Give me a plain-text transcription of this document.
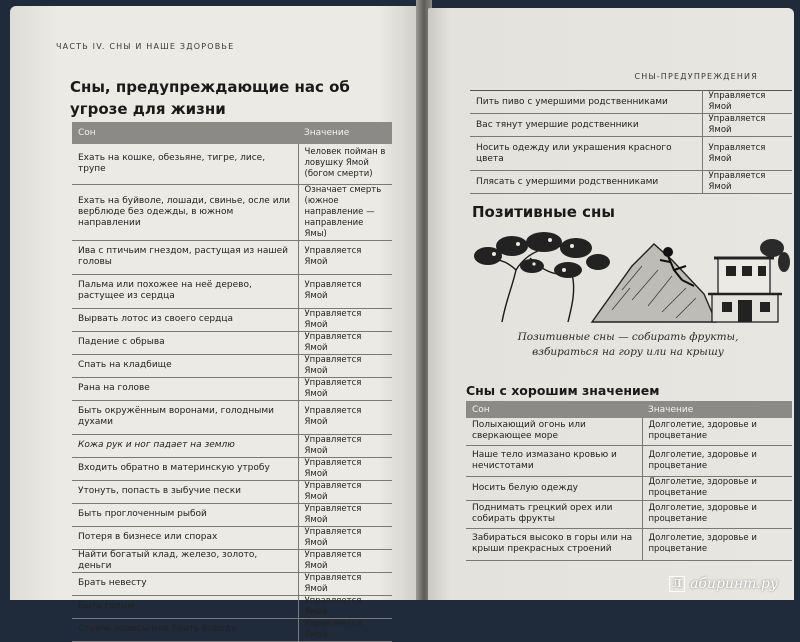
ЧАСТЬ IV. СНЫ И НАШЕ ЗДОРОВЬЕ
Сны, предупреждающие нас об угрозе для жизни
Сон	Значение
Ехать на кошке, обезьяне, тигре, лисе, трупе	Человек пойман в ловушку Ямой (богом смерти)
Ехать на буйволе, лошади, свинье, осле или верблюде без одежды, в южном направлении	Означает смерть (южное направление — направление Ямы)
Ива с птичьим гнездом, растущая из нашей головы	Управляется Ямой
Пальма или похожее на неё дерево, растущее из сердца	Управляется Ямой
Вырвать лотос из своего сердца	Управляется Ямой
Падение с обрыва	Управляется Ямой
Спать на кладбище	Управляется Ямой
Рана на голове	Управляется Ямой
Быть окружённым воронами, голодными духами	Управляется Ямой
Кожа рук и ног падает на землю	Управляется Ямой
Входить обратно в материнскую утробу	Управляется Ямой
Утонуть, попасть в зыбучие пески	Управляется Ямой
Быть проглоченным рыбой	Управляется Ямой
Потеря в бизнесе или спорах	Управляется Ямой
Найти богатый клад, железо, золото, деньги	Управляется Ямой
Брать невесту	Управляется Ямой
Быть голым	Управляется Ямой
Стричь волосы или брить бороду	Управляется Ямой
СНЫ-ПРЕДУПРЕЖДЕНИЯ
Пить пиво с умершими родственниками	Управляется Ямой
Вас тянут умершие родственники	Управляется Ямой
Носить одежду или украшения красного цвета	Управляется Ямой
Плясать с умершими родственниками	Управляется Ямой
Позитивные сны
Позитивные сны — собирать фрукты,
взбираться на гору или на крышу
Сны с хорошим значением
Сон	Значение
Полыхающий огонь или сверкающее море	Долголетие, здоровье и процветание
Наше тело измазано кровью и нечистотами	Долголетие, здоровье и процветание
Носить белую одежду	Долголетие, здоровье и процветание
Поднимать грецкий орех или собирать фрукты	Долголетие, здоровье и процветание
Забираться высоко в горы или на крыши прекрасных строений	Долголетие, здоровье и процветание
Л абиринт.ру
